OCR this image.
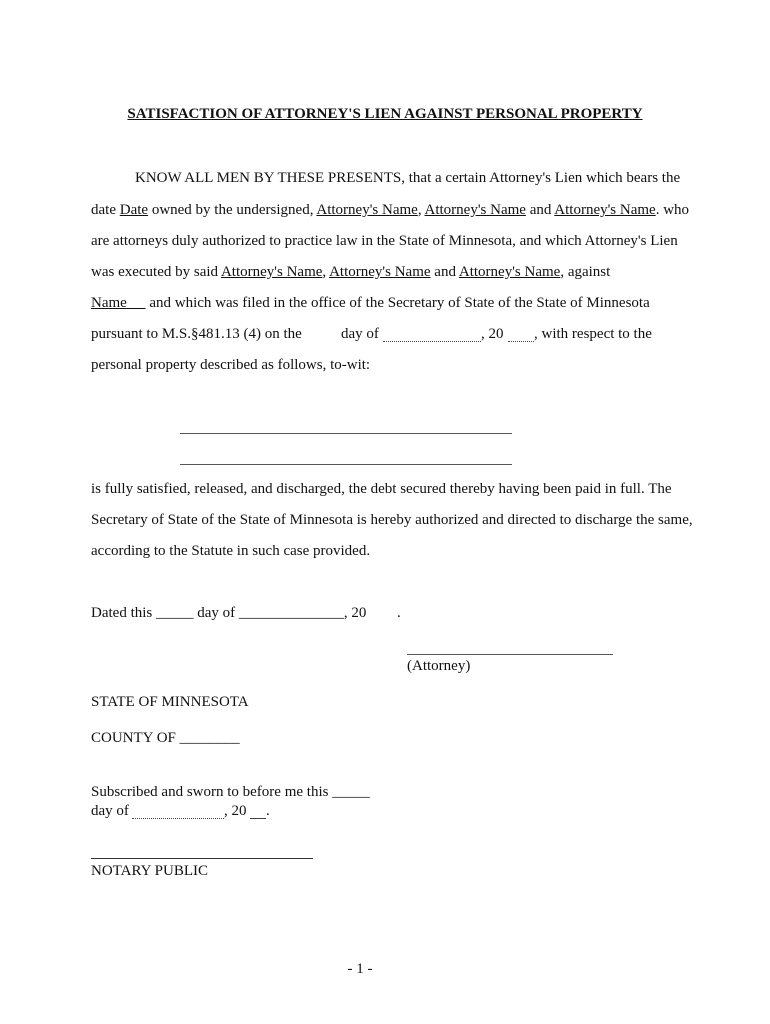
SATISFACTION OF ATTORNEY'S LIEN AGAINST PERSONAL PROPERTY
KNOW ALL MEN BY THESE PRESENTS, that a certain Attorney's Lien which bears the
date Date owned by the undersigned, Attorney's Name, Attorney's Name and Attorney's Name. who
are attorneys duly authorized to practice law in the State of Minnesota, and which Attorney's Lien
was executed by said Attorney's Name, Attorney's Name and Attorney's Name, against
Name      and which was filed in the office of the Secretary of State of the State of Minnesota
pursuant to M.S.§481.13 (4) on the	day of	, 20 , with respect to the
personal property described as follows, to-wit:
is fully satisfied, released, and discharged, the debt secured thereby having been paid in full. The
Secretary of State of the State of Minnesota is hereby authorized and directed to discharge the same,
according to the Statute in such case provided.
Dated this _____ day of ______________, 20 .
(Attorney)
STATE OF MINNESOTA
COUNTY OF ________
Subscribed and sworn to before me this _____
day of	, 20 .
NOTARY PUBLIC
- 1 -
